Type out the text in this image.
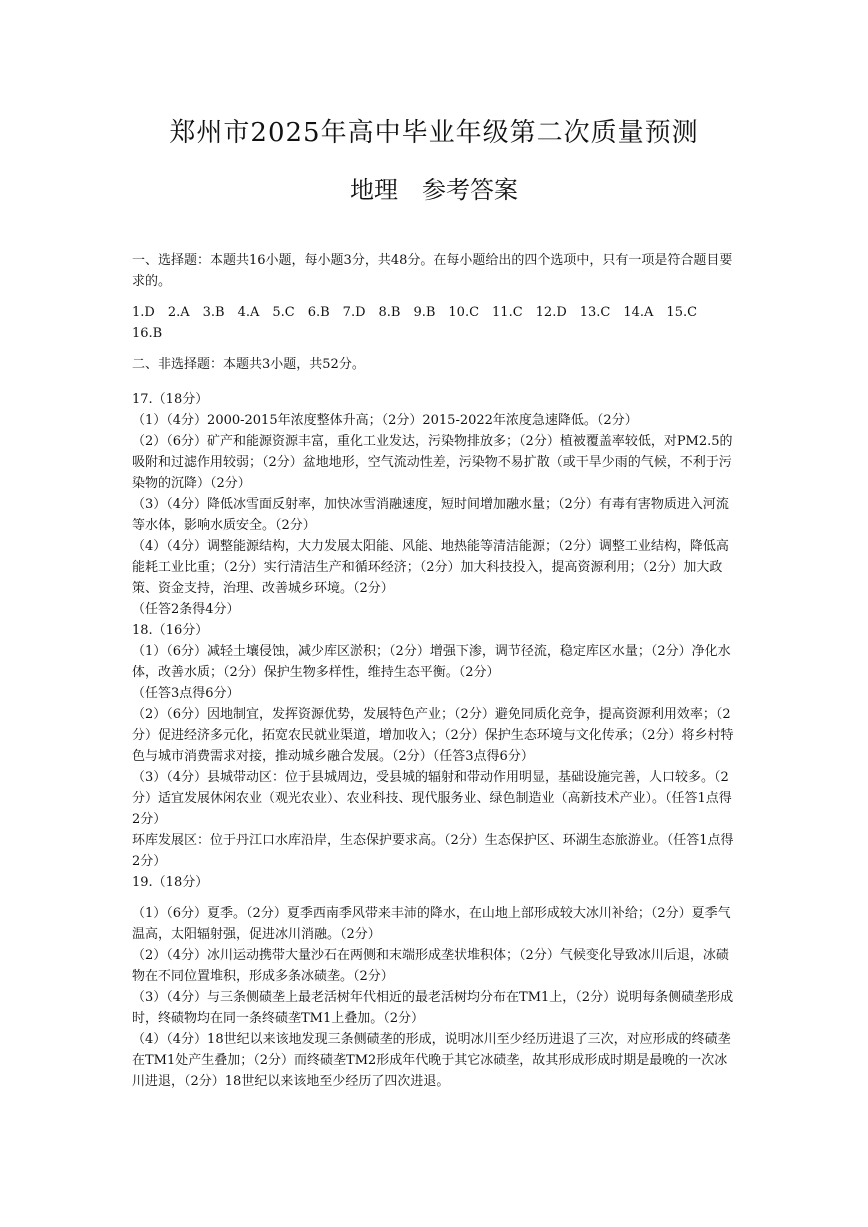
郑州市2025年高中毕业年级第二次质量预测
地理　参考答案

一、选择题：本题共16小题，每小题3分，共48分。在每小题给出的四个选项中，只有一项是符合题目要求的。

1.D　2.A　3.B　4.A　5.C　6.B　7.D　8.B　9.B　10.C　11.C　12.D　13.C　14.A　15.C　16.B

二、非选择题：本题共3小题，共52分。

17.（18分）

（1）（4分）2000-2015年浓度整体升高；（2分）2015-2022年浓度急速降低。（2分）

（2）（6分）矿产和能源资源丰富，重化工业发达，污染物排放多；（2分）植被覆盖率较低，对PM2.5的吸附和过滤作用较弱；（2分）盆地地形，空气流动性差，污染物不易扩散（或干旱少雨的气候，不利于污染物的沉降）（2分）

（3）（4分）降低冰雪面反射率，加快冰雪消融速度，短时间增加融水量；（2分）有毒有害物质进入河流等水体，影响水质安全。（2分）

（4）（4分）调整能源结构，大力发展太阳能、风能、地热能等清洁能源；（2分）调整工业结构，降低高能耗工业比重；（2分）实行清洁生产和循环经济；（2分）加大科技投入，提高资源利用；（2分）加大政策、资金支持，治理、改善城乡环境。（2分）

（任答2条得4分）

18.（16分）

（1）（6分）减轻土壤侵蚀，减少库区淤积；（2分）增强下渗，调节径流，稳定库区水量；（2分）净化水体，改善水质；（2分）保护生物多样性，维持生态平衡。（2分）

（任答3点得6分）

（2）（6分）因地制宜，发挥资源优势，发展特色产业；（2分）避免同质化竞争，提高资源利用效率；（2分）促进经济多元化，拓宽农民就业渠道，增加收入；（2分）保护生态环境与文化传承；（2分）将乡村特色与城市消费需求对接，推动城乡融合发展。（2分）（任答3点得6分）

（3）（4分）县城带动区：位于县城周边，受县城的辐射和带动作用明显，基础设施完善，人口较多。（2分）适宜发展休闲农业（观光农业）、农业科技、现代服务业、绿色制造业（高新技术产业）。（任答1点得2分）

环库发展区：位于丹江口水库沿岸，生态保护要求高。（2分）生态保护区、环湖生态旅游业。（任答1点得2分）

19.（18分）

（1）（6分）夏季。（2分）夏季西南季风带来丰沛的降水，在山地上部形成较大冰川补给；（2分）夏季气温高，太阳辐射强，促进冰川消融。（2分）

（2）（4分）冰川运动携带大量沙石在两侧和末端形成垄状堆积体；（2分）气候变化导致冰川后退，冰碛物在不同位置堆积，形成多条冰碛垄。（2分）

（3）（4分）与三条侧碛垄上最老活树年代相近的最老活树均分布在TM1上，（2分）说明每条侧碛垄形成时，终碛物均在同一条终碛垄TM1上叠加。（2分）

（4）（4分）18世纪以来该地发现三条侧碛垄的形成，说明冰川至少经历进退了三次，对应形成的终碛垄在TM1处产生叠加；（2分）而终碛垄TM2形成年代晚于其它冰碛垄，故其形成形成时期是最晚的一次冰川进退，（2分）18世纪以来该地至少经历了四次进退。
